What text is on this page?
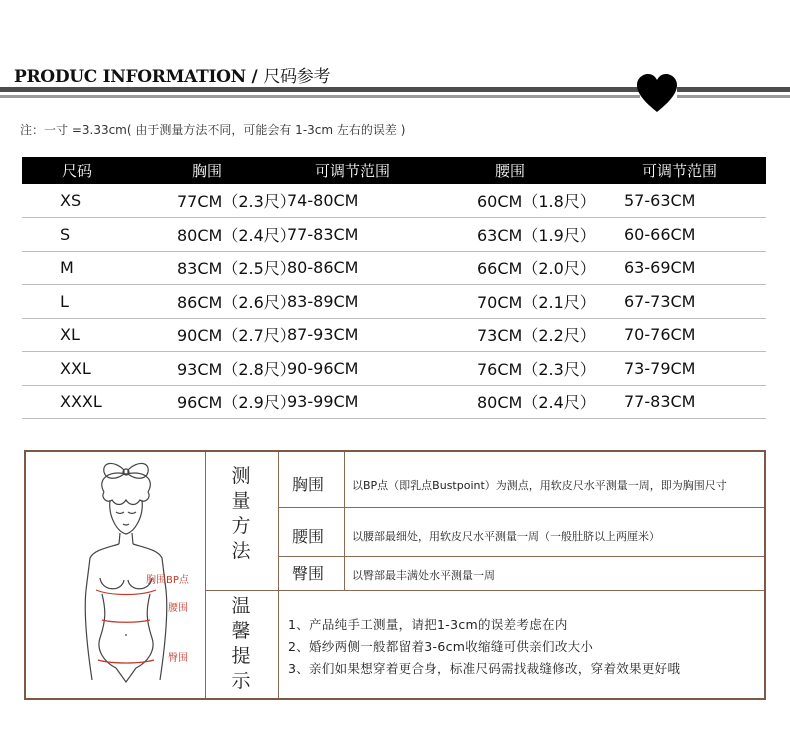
PRODUC INFORMATION / 尺码参考
注：一寸 =3.33cm( 由于测量方法不同，可能会有 1-3cm 左右的误差 )
尺码	胸围	可调节范围	腰围	可调节范围
XS	77CM（2.3尺）	74-80CM	60CM（1.8尺）	57-63CM
S	80CM（2.4尺）	77-83CM	63CM（1.9尺）	60-66CM
M	83CM（2.5尺）	80-86CM	66CM（2.0尺）	63-69CM
L	86CM（2.6尺）	83-89CM	70CM（2.1尺）	67-73CM
XL	90CM（2.7尺）	87-93CM	73CM（2.2尺）	70-76CM
XXL	93CM（2.8尺）	90-96CM	76CM（2.3尺）	73-79CM
XXXL	96CM（2.9尺）	93-99CM	80CM（2.4尺）	77-83CM
胸围BP点
腰围
臀围
测
量
方
法
胸围	以BP点（即乳点Bustpoint）为测点，用软皮尺水平测量一周，即为胸围尺寸
腰围	以腰部最细处，用软皮尺水平测量一周（一般肚脐以上两厘米）
臀围	以臀部最丰满处水平测量一周
温
馨
提
示
1、产品纯手工测量，请把1-3cm的误差考虑在内
2、婚纱两侧一般都留着3-6cm收缩缝可供亲们改大小
3、亲们如果想穿着更合身，标准尺码需找裁缝修改，穿着效果更好哦
